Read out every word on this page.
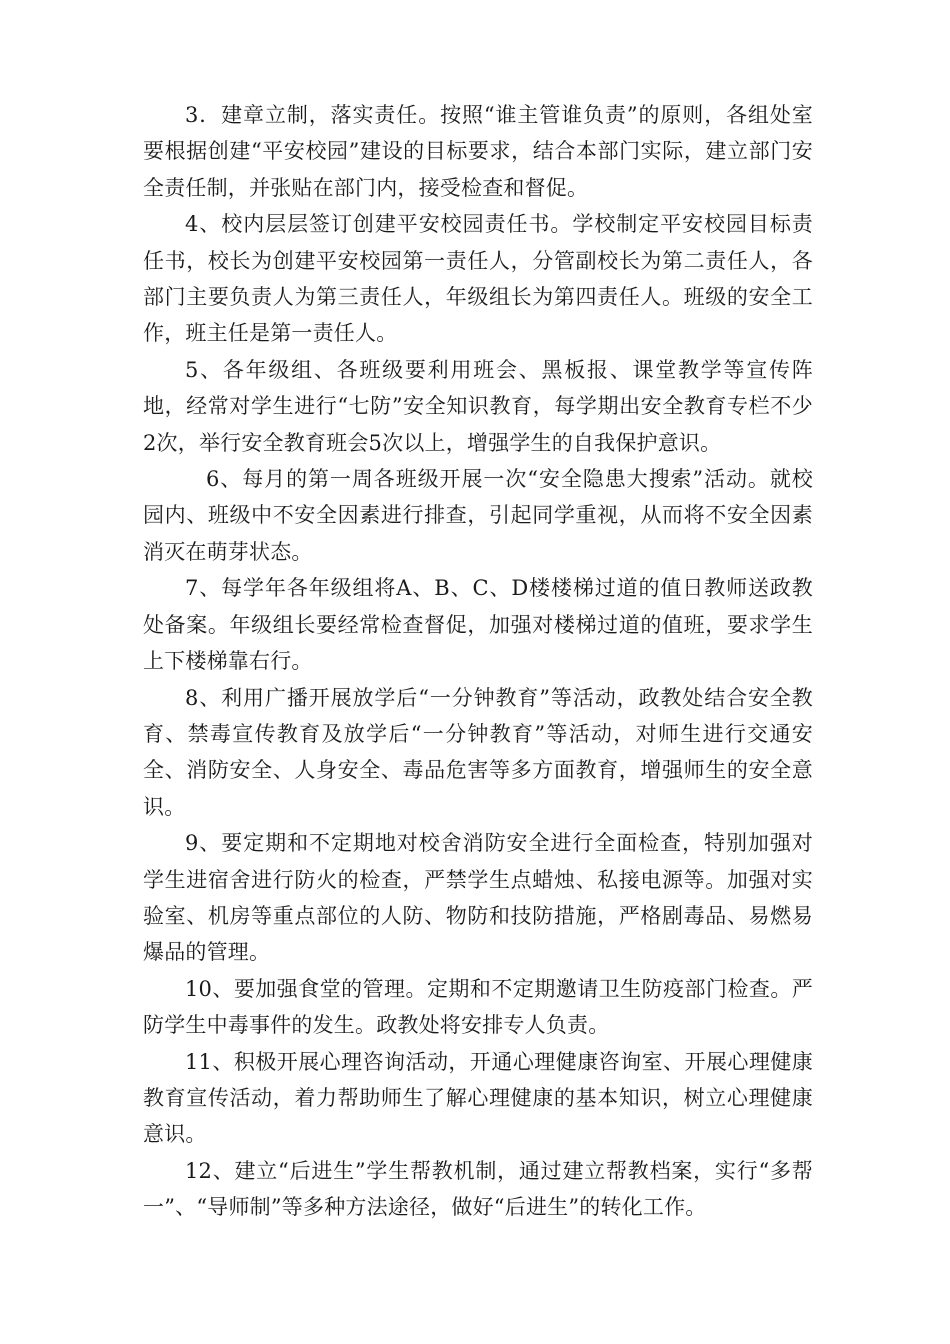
3．建章立制，落实责任。按照“谁主管谁负责”的原则，各组处室要根据创建“平安校园”建设的目标要求，结合本部门实际，建立部门安全责任制，并张贴在部门内，接受检查和督促。

4、校内层层签订创建平安校园责任书。学校制定平安校园目标责任书，校长为创建平安校园第一责任人，分管副校长为第二责任人，各部门主要负责人为第三责任人，年级组长为第四责任人。班级的安全工作，班主任是第一责任人。

5、各年级组、各班级要利用班会、黑板报、课堂教学等宣传阵地，经常对学生进行“七防”安全知识教育，每学期出安全教育专栏不少2次，举行安全教育班会5次以上，增强学生的自我保护意识。

6、每月的第一周各班级开展一次“安全隐患大搜索”活动。就校园内、班级中不安全因素进行排查，引起同学重视，从而将不安全因素消灭在萌芽状态。

7、每学年各年级组将A、B、C、D楼楼梯过道的值日教师送政教处备案。年级组长要经常检查督促，加强对楼梯过道的值班，要求学生上下楼梯靠右行。

8、利用广播开展放学后“一分钟教育”等活动，政教处结合安全教育、禁毒宣传教育及放学后“一分钟教育”等活动，对师生进行交通安全、消防安全、人身安全、毒品危害等多方面教育，增强师生的安全意识。

9、要定期和不定期地对校舍消防安全进行全面检查，特别加强对学生进宿舍进行防火的检查，严禁学生点蜡烛、私接电源等。加强对实验室、机房等重点部位的人防、物防和技防措施，严格剧毒品、易燃易爆品的管理。

10、要加强食堂的管理。定期和不定期邀请卫生防疫部门检查。严防学生中毒事件的发生。政教处将安排专人负责。

11、积极开展心理咨询活动，开通心理健康咨询室、开展心理健康教育宣传活动，着力帮助师生了解心理健康的基本知识，树立心理健康意识。

12、建立“后进生”学生帮教机制，通过建立帮教档案，实行“多帮一”、“导师制”等多种方法途径，做好“后进生”的转化工作。
